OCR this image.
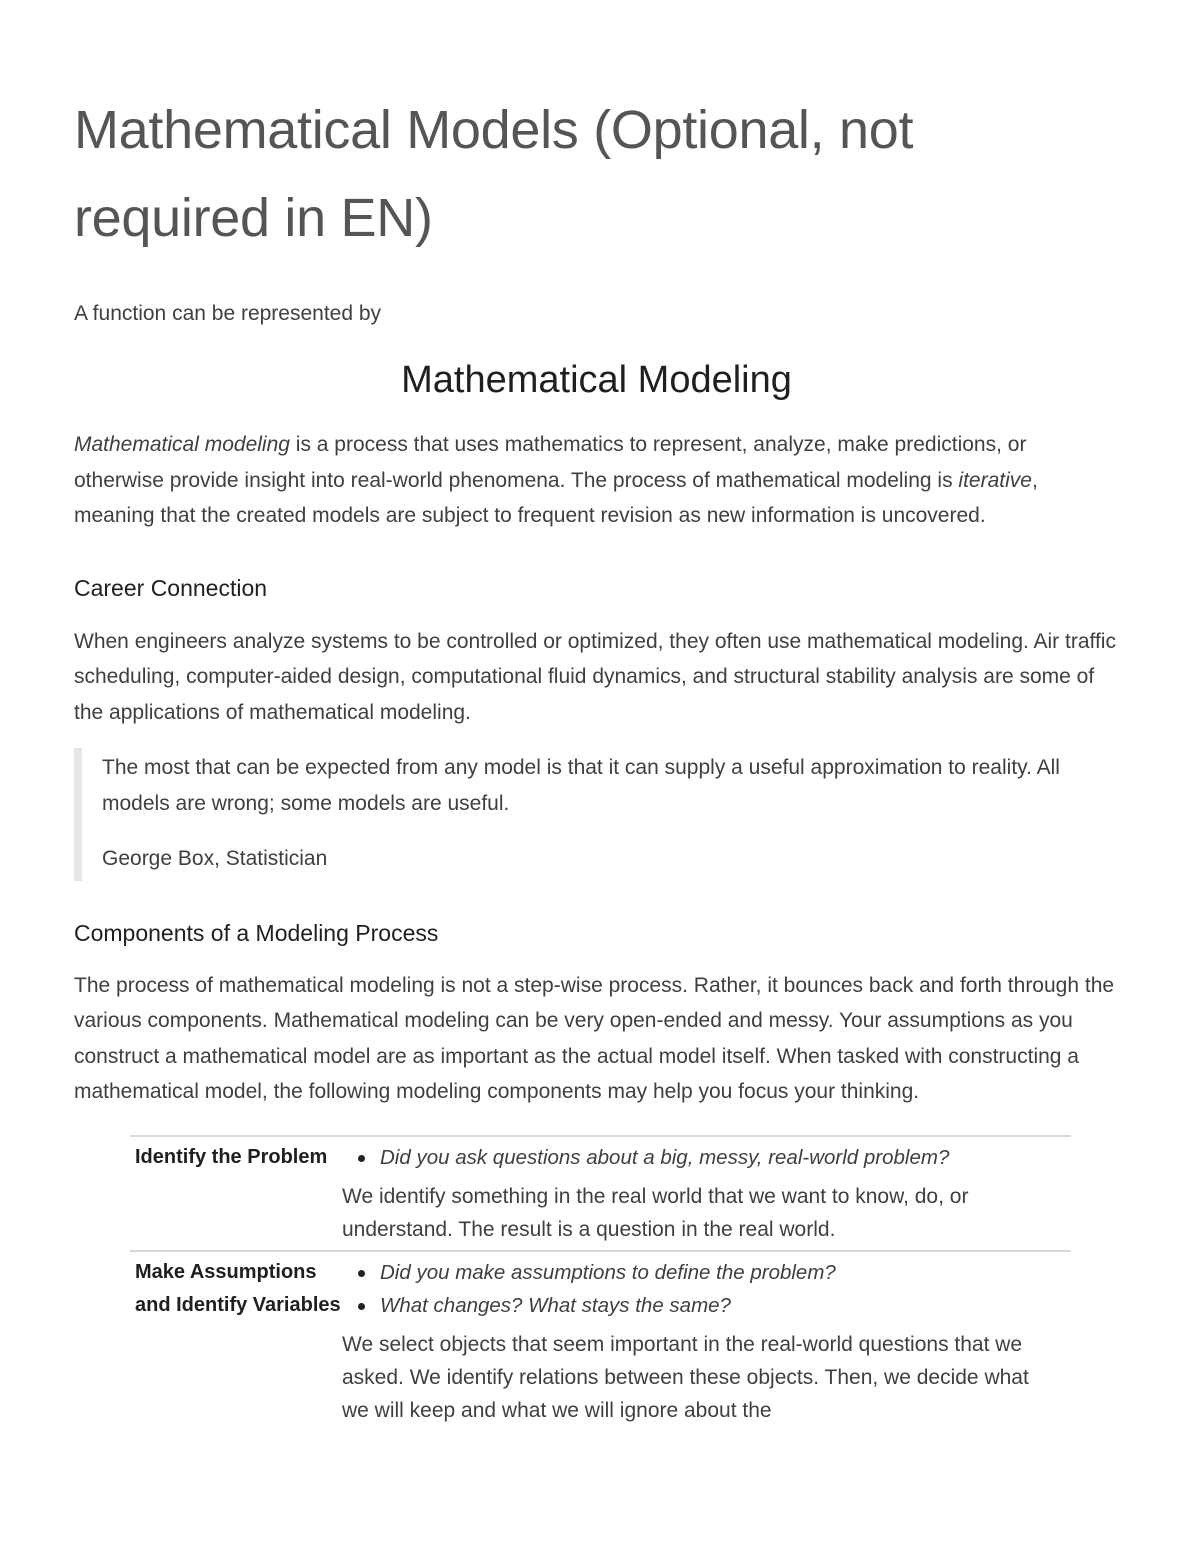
Mathematical Models (Optional, not required in EN)

A function can be represented by

Mathematical Modeling

Mathematical modeling is a process that uses mathematics to represent, analyze, make predictions, or otherwise provide insight into real-world phenomena. The process of mathematical modeling is iterative, meaning that the created models are subject to frequent revision as new information is uncovered.

Career Connection

When engineers analyze systems to be controlled or optimized, they often use mathematical modeling. Air traffic scheduling, computer-aided design, computational fluid dynamics, and structural stability analysis are some of the applications of mathematical modeling.

The most that can be expected from any model is that it can supply a useful approximation to reality. All models are wrong; some models are useful.

George Box, Statistician

Components of a Modeling Process

The process of mathematical modeling is not a step-wise process. Rather, it bounces back and forth through the various components. Mathematical modeling can be very open-ended and messy. Your assumptions as you construct a mathematical model are as important as the actual model itself. When tasked with constructing a mathematical model, the following modeling components may help you focus your thinking.

Identify the Problem	Did you ask questions about a big, messy, real-world problem?

We identify something in the real world that we want to know, do, or understand. The result is a question in the real world.

Make Assumptions and Identify Variables
Did you make assumptions to define the problem?
What changes? What stays the same?

We select objects that seem important in the real-world questions that we asked. We identify relations between these objects. Then, we decide what we will keep and what we will ignore about the
